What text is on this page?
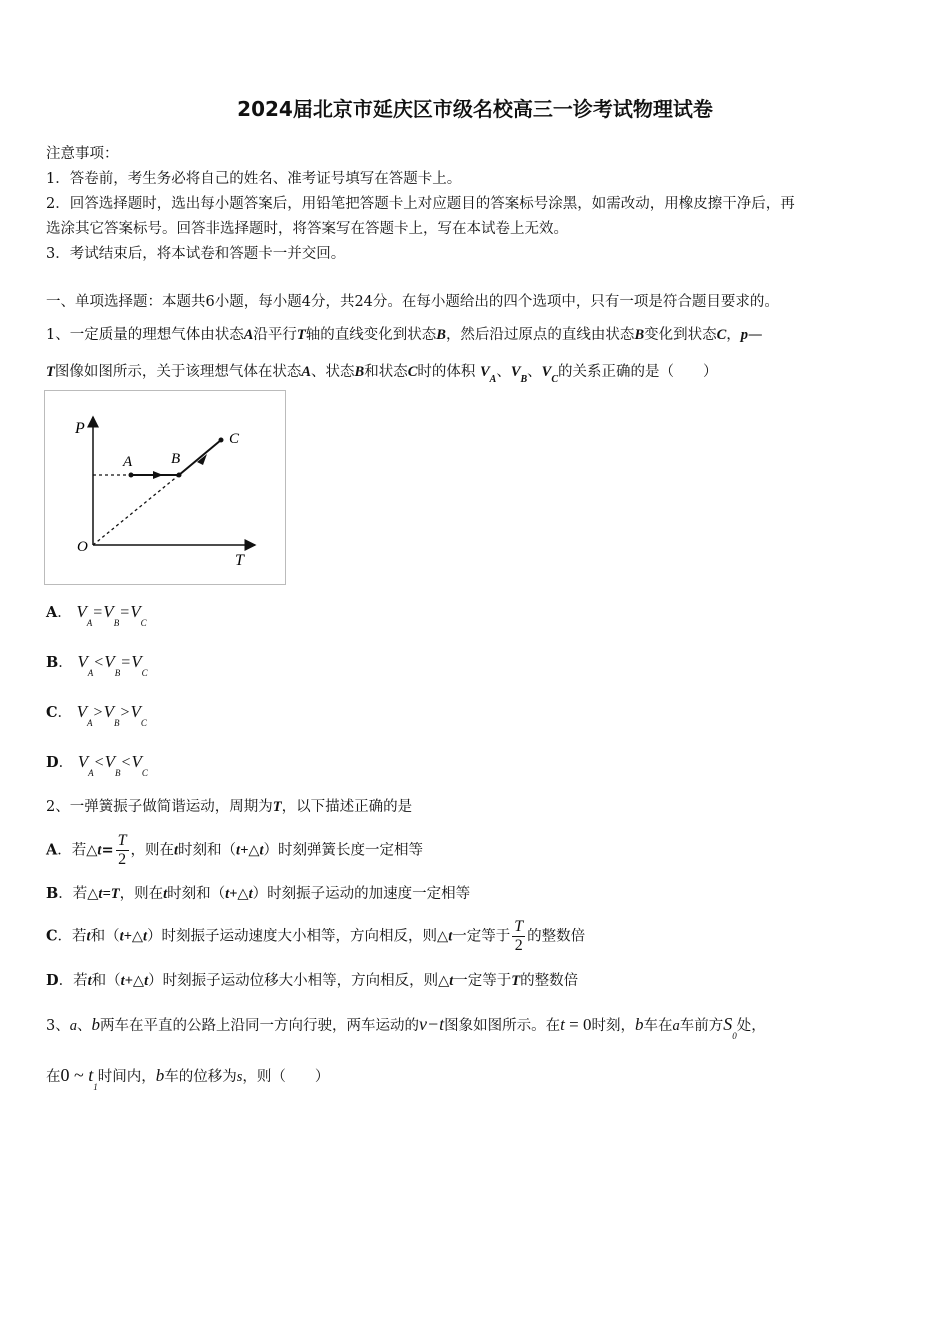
2024届北京市延庆区市级名校高三一诊考试物理试卷
注意事项：
1．答卷前，考生务必将自己的姓名、准考证号填写在答题卡上。
2．回答选择题时，选出每小题答案后，用铅笔把答题卡上对应题目的答案标号涂黑，如需改动，用橡皮擦干净后，再
选涂其它答案标号。回答非选择题时，将答案写在答题卡上，写在本试卷上无效。
3．考试结束后，将本试卷和答题卡一并交回。
一、单项选择题：本题共6小题，每小题4分，共24分。在每小题给出的四个选项中，只有一项是符合题目要求的。
1、一定质量的理想气体由状态A沿平行T轴的直线变化到状态B，然后沿过原点的直线由状态B变化到状态C，p—
T图像如图所示，关于该理想气体在状态A、状态B和状态C时的体积 $V_A$、$V_B$、$V_C$的关系正确的是（　　）
P
T
O
A	B
C
A． $V_A=V_B=V_C$
B． $V_A<V_B=V_C$
C． $V_A>V_B>V_C$
D． $V_A<V_B<V_C$
2、一弹簧振子做简谐运动，周期为T，以下描述正确的是
A．若△t= $\frac{T}{2}$ ，则在t时刻和（t+△t）时刻弹簧长度一定相等
B．若△t=T，则在t时刻和（t+△t）时刻振子运动的加速度一定相等
C．若t和（t+△t）时刻振子运动速度大小相等，方向相反，则△t一定等于 $\frac{T}{2}$ 的整数倍
D．若t和（t+△t）时刻振子运动位移大小相等，方向相反，则△t一定等于T的整数倍
3、a、b两车在平直的公路上沿同一方向行驶，两车运动的v−t图象如图所示。在t = 0时刻，b车在a车前方$S_0$处，
在0 ~ $t_1$时间内，b车的位移为s，则（　　）
